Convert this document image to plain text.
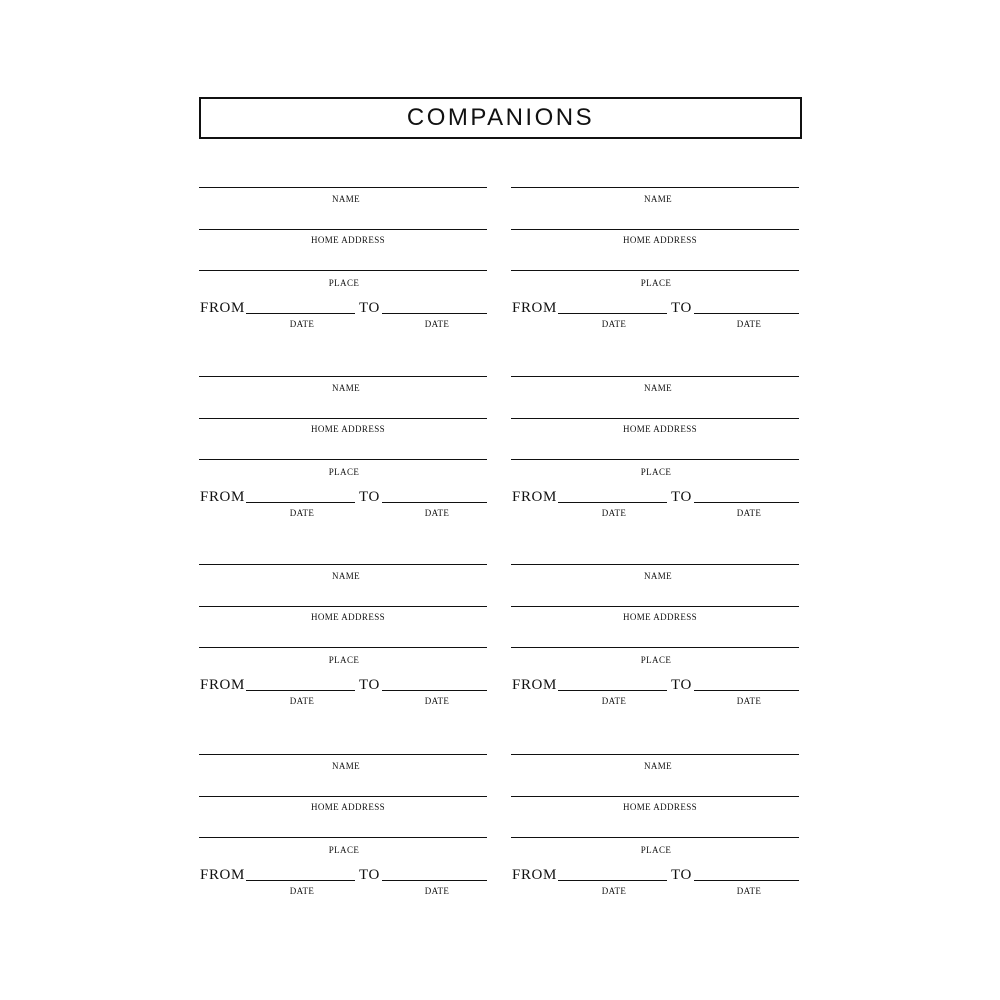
COMPANIONS
NAME
HOME ADDRESS
PLACE
FROM
DATE
TO
DATE
NAME
HOME ADDRESS
PLACE
FROM
DATE
TO
DATE
NAME
HOME ADDRESS
PLACE
FROM
DATE
TO
DATE
NAME
HOME ADDRESS
PLACE
FROM
DATE
TO
DATE
NAME
HOME ADDRESS
PLACE
FROM
DATE
TO
DATE
NAME
HOME ADDRESS
PLACE
FROM
DATE
TO
DATE
NAME
HOME ADDRESS
PLACE
FROM
DATE
TO
DATE
NAME
HOME ADDRESS
PLACE
FROM
DATE
TO
DATE
